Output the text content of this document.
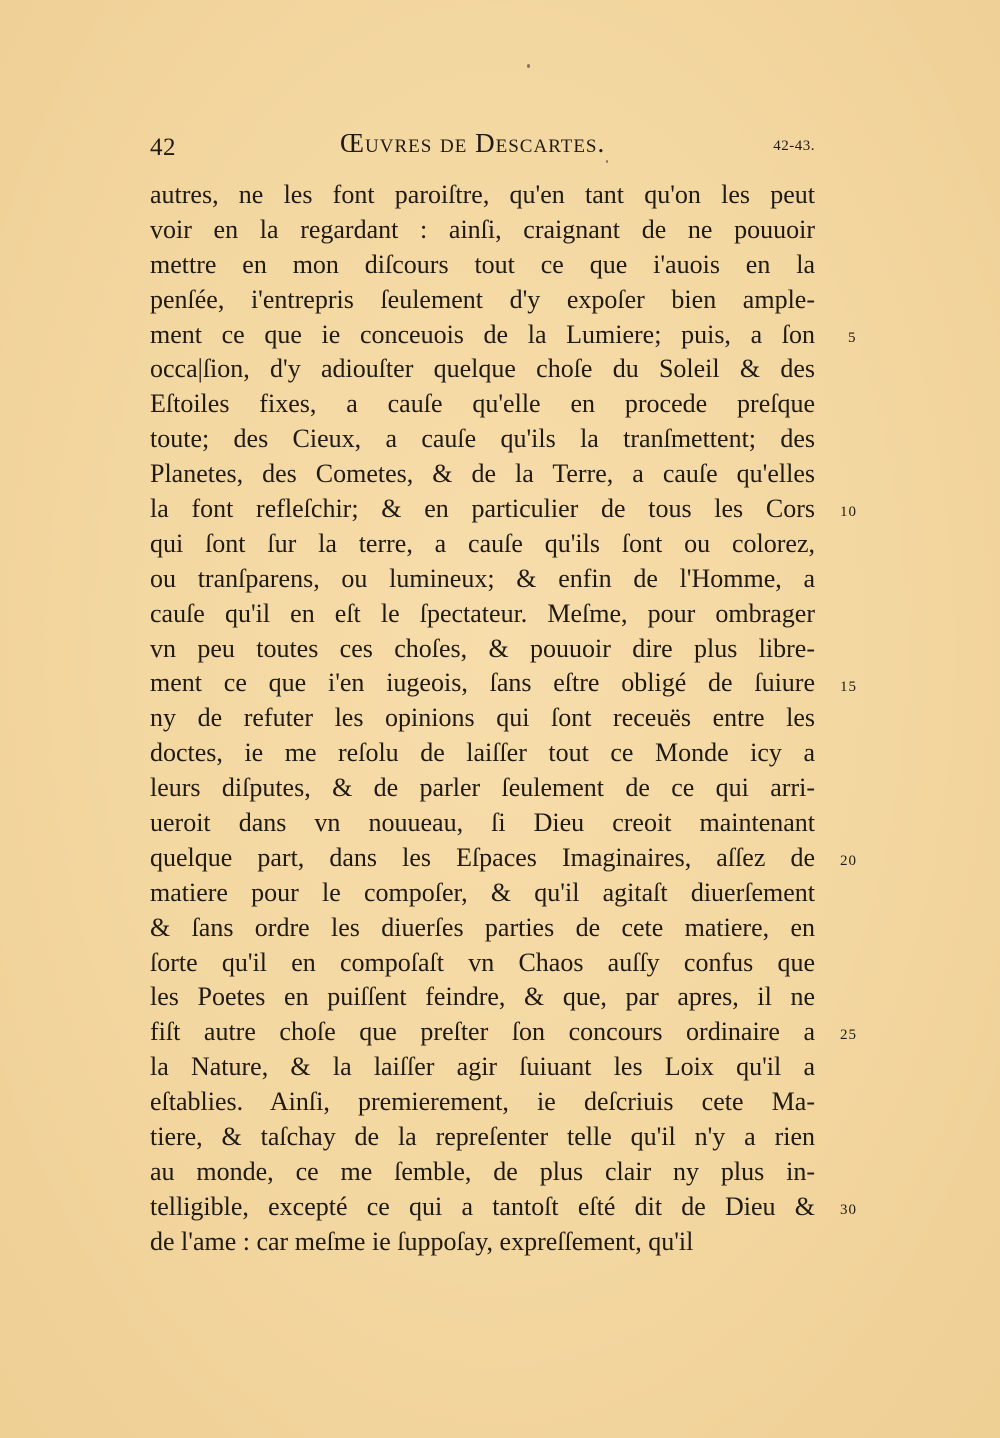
42	Œuvres de Descartes.	42-43.
autres, ne les font paroiſtre, qu'en tant qu'on les peut
voir en la regardant : ainſi, craignant de ne pouuoir
mettre en mon diſcours tout ce que i'auois en la
penſée, i'entrepris ſeulement d'y expoſer bien ample-
ment ce que ie conceuois de la Lumiere; puis, a ſon
occa|ſion, d'y adiouſter quelque choſe du Soleil & des
Eſtoiles fixes, a cauſe qu'elle en procede preſque
toute; des Cieux, a cauſe qu'ils la tranſmettent; des
Planetes, des Cometes, & de la Terre, a cauſe qu'elles
la font refleſchir; & en particulier de tous les Cors
qui ſont ſur la terre, a cauſe qu'ils ſont ou colorez,
ou tranſparens, ou lumineux; & enfin de l'Homme, a
cauſe qu'il en eſt le ſpectateur. Meſme, pour ombrager
vn peu toutes ces choſes, & pouuoir dire plus libre-
ment ce que i'en iugeois, ſans eſtre obligé de ſuiure
ny de refuter les opinions qui ſont receuës entre les
doctes, ie me reſolu de laiſſer tout ce Monde icy a
leurs diſputes, & de parler ſeulement de ce qui arri-
ueroit dans vn nouueau, ſi Dieu creoit maintenant
quelque part, dans les Eſpaces Imaginaires, aſſez de
matiere pour le compoſer, & qu'il agitaſt diuerſement
& ſans ordre les diuerſes parties de cete matiere, en
ſorte qu'il en compoſaſt vn Chaos auſſy confus que
les Poetes en puiſſent feindre, & que, par apres, il ne
fiſt autre choſe que preſter ſon concours ordinaire a
la Nature, & la laiſſer agir ſuiuant les Loix qu'il a
eſtablies. Ainſi, premierement, ie deſcriuis cete Ma-
tiere, & taſchay de la repreſenter telle qu'il n'y a rien
au monde, ce me ſemble, de plus clair ny plus in-
telligible, excepté ce qui a tantoſt eſté dit de Dieu &
de l'ame : car meſme ie ſuppoſay, expreſſement, qu'il
5
10
15
20
25
30
